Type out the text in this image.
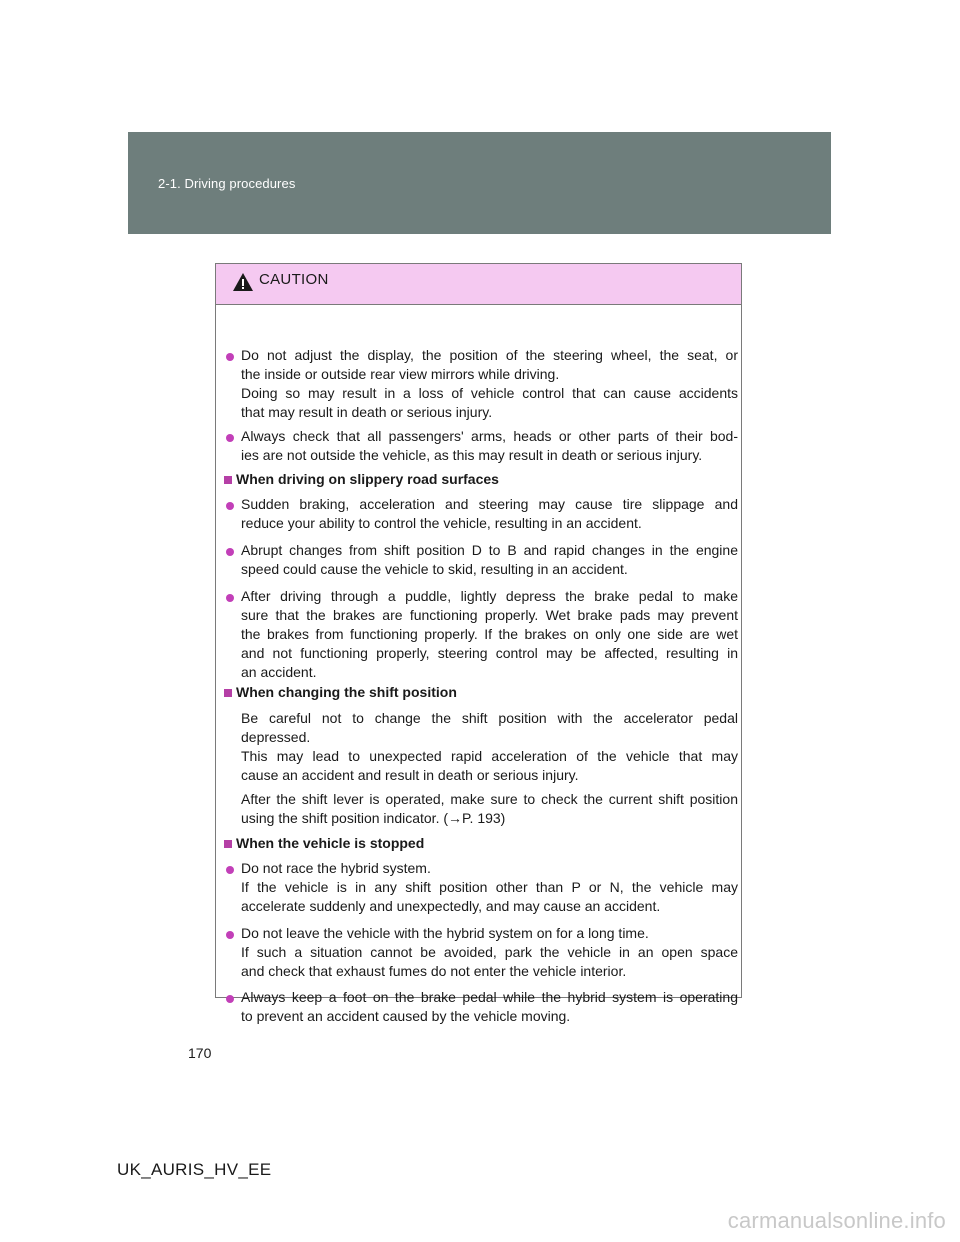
2-1. Driving procedures
CAUTION
Do not adjust the display, the position of the steering wheel, the seat, or
the inside or outside rear view mirrors while driving.
Doing so may result in a loss of vehicle control that can cause accidents
that may result in death or serious injury.
Always check that all passengers' arms, heads or other parts of their bod-
ies are not outside the vehicle, as this may result in death or serious injury.
When driving on slippery road surfaces
Sudden braking, acceleration and steering may cause tire slippage and
reduce your ability to control the vehicle, resulting in an accident.
Abrupt changes from shift position D to B and rapid changes in the engine
speed could cause the vehicle to skid, resulting in an accident.
After driving through a puddle, lightly depress the brake pedal to make
sure that the brakes are functioning properly. Wet brake pads may prevent
the brakes from functioning properly. If the brakes on only one side are wet
and not functioning properly, steering control may be affected, resulting in
an accident.
When changing the shift position
Be careful not to change the shift position with the accelerator pedal
depressed.
This may lead to unexpected rapid acceleration of the vehicle that may
cause an accident and result in death or serious injury.
After the shift lever is operated, make sure to check the current shift position
using the shift position indicator. (→P. 193)
When the vehicle is stopped
Do not race the hybrid system.
If the vehicle is in any shift position other than P or N, the vehicle may
accelerate suddenly and unexpectedly, and may cause an accident.
Do not leave the vehicle with the hybrid system on for a long time.
If such a situation cannot be avoided, park the vehicle in an open space
and check that exhaust fumes do not enter the vehicle interior.
Always keep a foot on the brake pedal while the hybrid system is operating
to prevent an accident caused by the vehicle moving.
170
UK_AURIS_HV_EE
carmanualsonline.info
